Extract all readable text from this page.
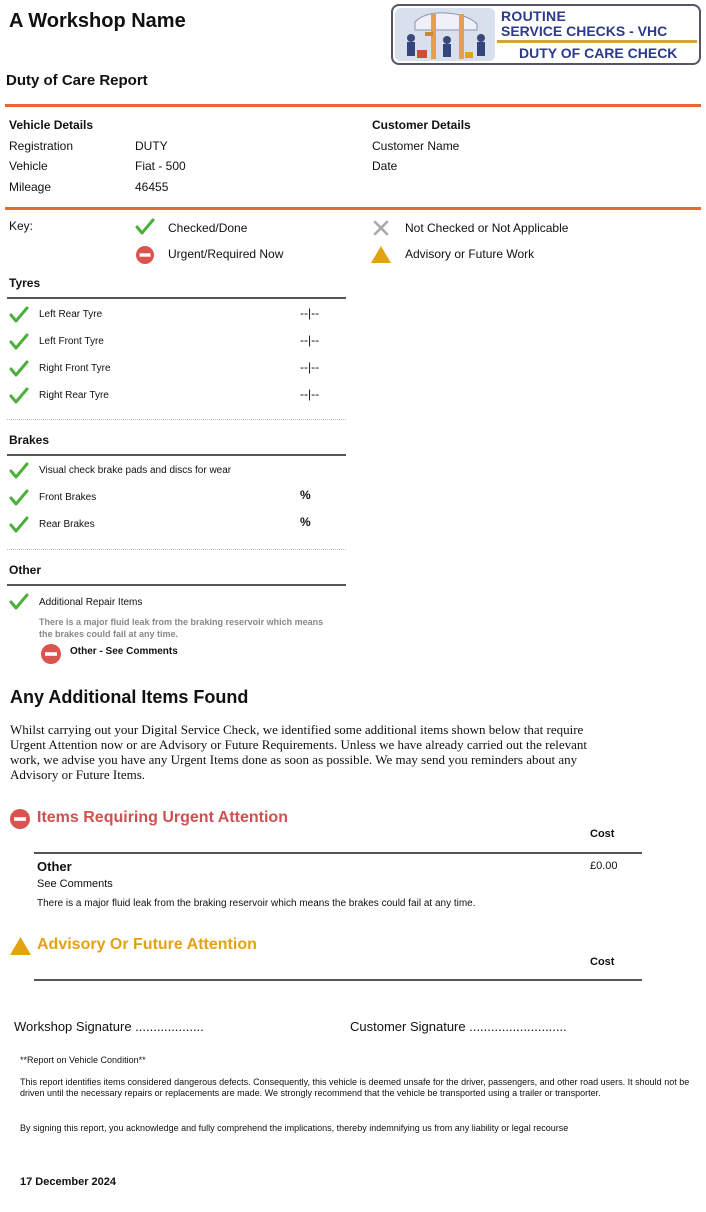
A Workshop Name
Duty of Care Report
ROUTINE
SERVICE CHECKS - VHC
DUTY OF CARE CHECK
Vehicle Details
Registration	DUTY
Vehicle	Fiat - 500
Mileage	46455
Customer Details
Customer Name
Date
Key:	Checked/Done
Urgent/Required Now
Not Checked or Not Applicable
Advisory or Future Work
Tyres
Left Rear Tyre	--|--
Left Front Tyre	--|--
Right Front Tyre	--|--
Right Rear Tyre	--|--
Brakes
Visual check brake pads and discs for wear
Front Brakes	%
Rear Brakes	%
Other
Additional Repair Items
There is a major fluid leak from the braking reservoir which means the brakes could fail at any time.
Other - See Comments
Any Additional Items Found
Whilst carrying out your Digital Service Check, we identified some additional items shown below that require Urgent Attention now or are Advisory or Future Requirements. Unless we have already carried out the relevant work, we advise you have any Urgent Items done as soon as possible. We may send you reminders about any Advisory or Future Items.
Items Requiring Urgent Attention
Cost
Other	£0.00
See Comments
There is a major fluid leak from the braking reservoir which means the brakes could fail at any time.
Advisory Or Future Attention
Cost
Workshop Signature ...................	Customer Signature ...........................
**Report on Vehicle Condition**
This report identifies items considered dangerous defects. Consequently, this vehicle is deemed unsafe for the driver, passengers, and other road users. It should not be driven until the necessary repairs or replacements are made. We strongly recommend that the vehicle be transported using a trailer or transporter.
By signing this report, you acknowledge and fully comprehend the implications, thereby indemnifying us from any liability or legal recourse
17 December 2024
